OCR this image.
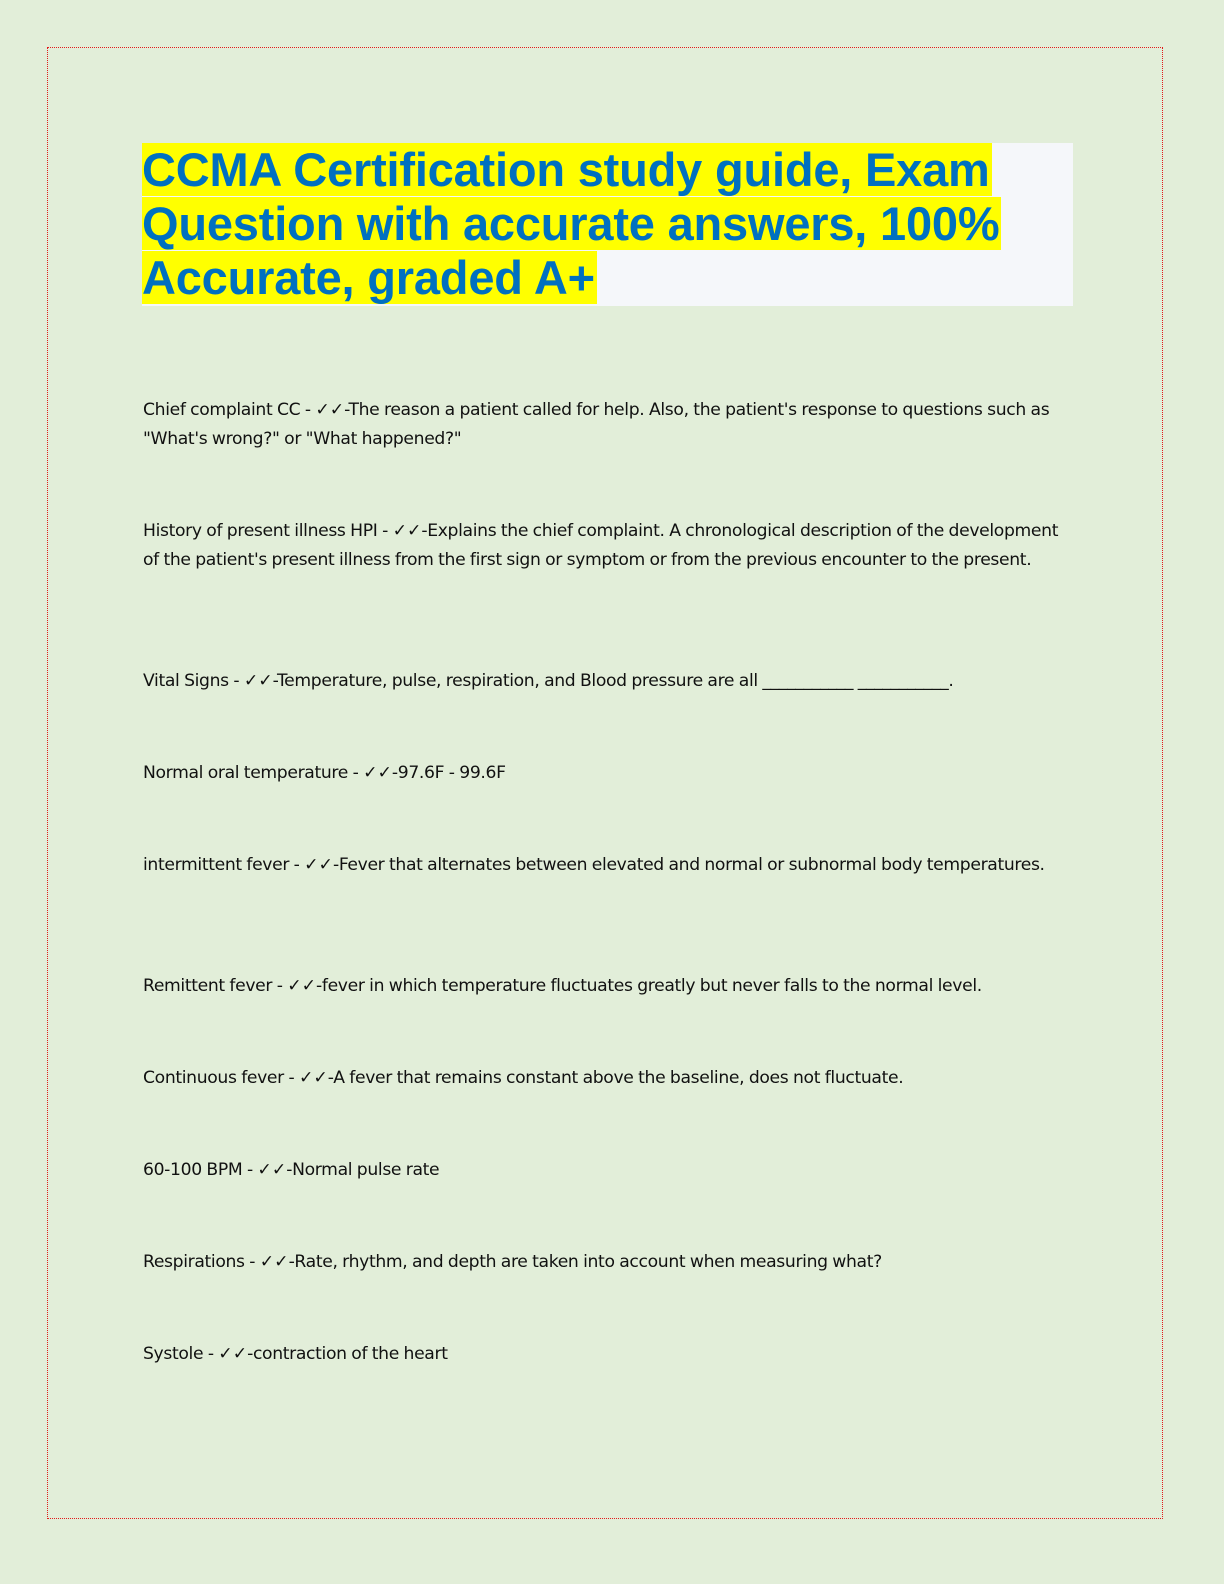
CCMA Certification study guide, Exam
Question with accurate answers, 100%
Accurate, graded A+
Chief complaint CC - ✓✓-The reason a patient called for help. Also, the patient's response to questions such as "What's wrong?" or "What happened?"
History of present illness HPI - ✓✓-Explains the chief complaint. A chronological description of the development of the patient's present illness from the first sign or symptom or from the previous encounter to the present.
Vital Signs - ✓✓-Temperature, pulse, respiration, and Blood pressure are all ___________ ___________.
Normal oral temperature - ✓✓-97.6F - 99.6F
intermittent fever - ✓✓-Fever that alternates between elevated and normal or subnormal body temperatures.
Remittent fever - ✓✓-fever in which temperature fluctuates greatly but never falls to the normal level.
Continuous fever - ✓✓-A fever that remains constant above the baseline, does not fluctuate.
60-100 BPM - ✓✓-Normal pulse rate
Respirations - ✓✓-Rate, rhythm, and depth are taken into account when measuring what?
Systole - ✓✓-contraction of the heart
